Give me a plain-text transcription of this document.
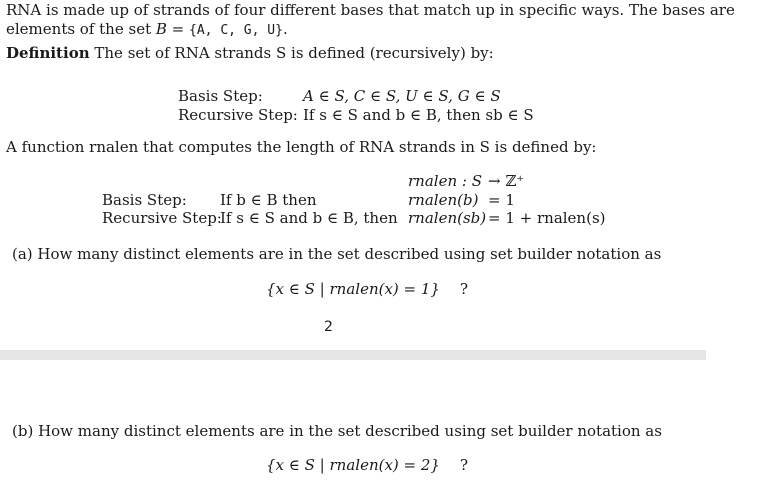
RNA is made up of strands of four different bases that match up in specific ways. The bases are
elements of the set B = {A, C, G, U}.
Definition The set of RNA strands S is defined (recursively) by:
Basis Step:	A ∈ S, C ∈ S, U ∈ S, G ∈ S
Recursive Step: If s ∈ S and b ∈ B, then sb ∈ S
A function rnalen that computes the length of RNA strands in S is defined by:
rnalen : S → ℤ⁺
Basis Step: If b ∈ B then	rnalen(b) = 1
Recursive Step:
If s ∈ S and b ∈ B, then rnalen(sb) = 1 + rnalen(s)
(a) How many distinct elements are in the set described using set builder notation as
{x ∈ S | rnalen(x) = 1} ?
2
(b) How many distinct elements are in the set described using set builder notation as
{x ∈ S | rnalen(x) = 2} ?
